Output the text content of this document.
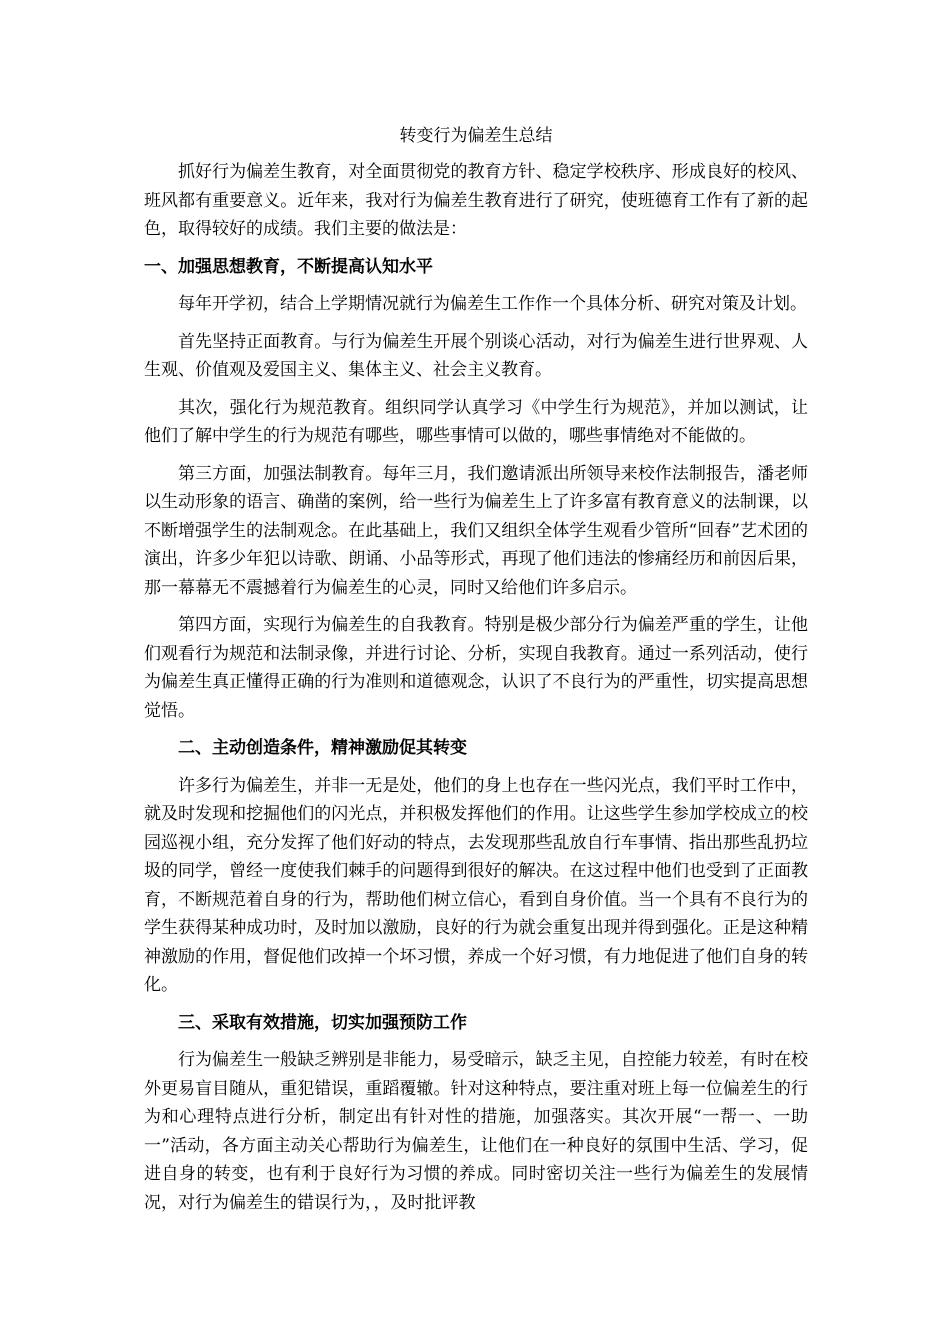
转变行为偏差生总结

抓好行为偏差生教育，对全面贯彻党的教育方针、稳定学校秩序、形成良好的校风、班风都有重要意义。近年来，我对行为偏差生教育进行了研究，使班德育工作有了新的起色，取得较好的成绩。我们主要的做法是：

一、加强思想教育，不断提高认知水平

每年开学初，结合上学期情况就行为偏差生工作作一个具体分析、研究对策及计划。

首先坚持正面教育。与行为偏差生开展个别谈心活动，对行为偏差生进行世界观、人生观、价值观及爱国主义、集体主义、社会主义教育。

其次，强化行为规范教育。组织同学认真学习《中学生行为规范》，并加以测试，让他们了解中学生的行为规范有哪些，哪些事情可以做的，哪些事情绝对不能做的。

第三方面，加强法制教育。每年三月，我们邀请派出所领导来校作法制报告，潘老师以生动形象的语言、确凿的案例，给一些行为偏差生上了许多富有教育意义的法制课，以不断增强学生的法制观念。在此基础上，我们又组织全体学生观看少管所“回春”艺术团的演出，许多少年犯以诗歌、朗诵、小品等形式，再现了他们违法的惨痛经历和前因后果，那一幕幕无不震撼着行为偏差生的心灵，同时又给他们许多启示。

第四方面，实现行为偏差生的自我教育。特别是极少部分行为偏差严重的学生，让他们观看行为规范和法制录像，并进行讨论、分析，实现自我教育。通过一系列活动，使行为偏差生真正懂得正确的行为准则和道德观念，认识了不良行为的严重性，切实提高思想觉悟。

二、主动创造条件，精神激励促其转变

许多行为偏差生，并非一无是处，他们的身上也存在一些闪光点，我们平时工作中，就及时发现和挖掘他们的闪光点，并积极发挥他们的作用。让这些学生参加学校成立的校园巡视小组，充分发挥了他们好动的特点，去发现那些乱放自行车事情、指出那些乱扔垃圾的同学，曾经一度使我们棘手的问题得到很好的解决。在这过程中他们也受到了正面教育，不断规范着自身的行为，帮助他们树立信心，看到自身价值。当一个具有不良行为的学生获得某种成功时，及时加以激励，良好的行为就会重复出现并得到强化。正是这种精神激励的作用，督促他们改掉一个坏习惯，养成一个好习惯，有力地促进了他们自身的转化。

三、采取有效措施，切实加强预防工作

行为偏差生一般缺乏辨别是非能力，易受暗示，缺乏主见，自控能力较差，有时在校外更易盲目随从，重犯错误，重蹈覆辙。针对这种特点，要注重对班上每一位偏差生的行为和心理特点进行分析，制定出有针对性的措施，加强落实。其次开展“一帮一、一助一”活动，各方面主动关心帮助行为偏差生，让他们在一种良好的氛围中生活、学习，促进自身的转变，也有利于良好行为习惯的养成。同时密切关注一些行为偏差生的发展情况，对行为偏差生的错误行为，，及时批评教
